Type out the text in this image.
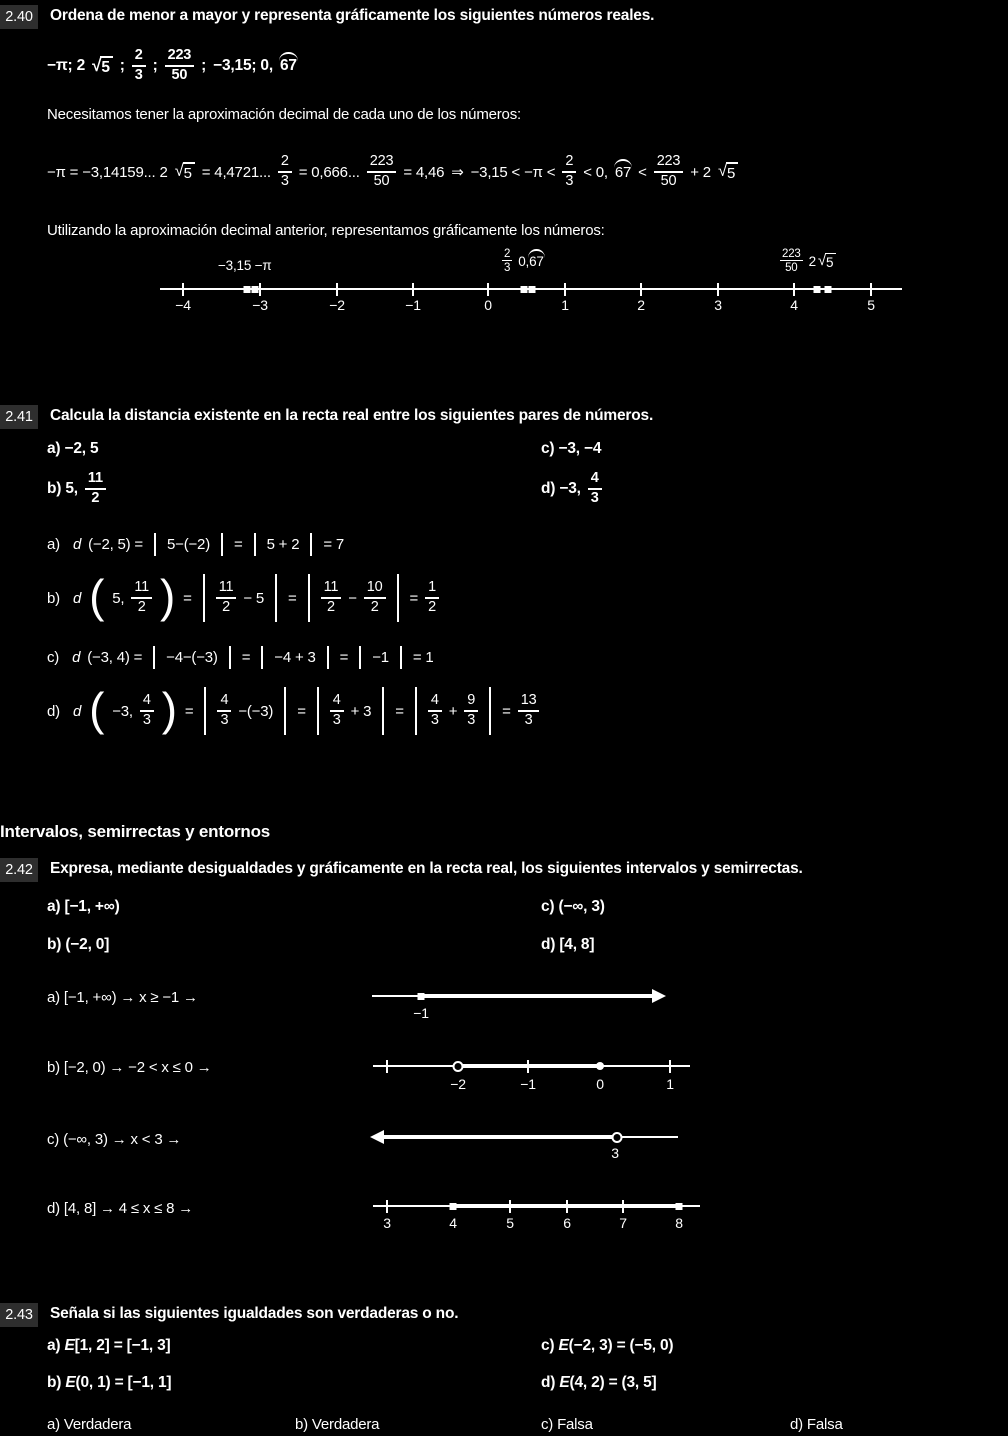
2.40	Ordena de menor a mayor y representa gráficamente los siguientes números reales.
−π; 2 √ 5 ; $\frac{2}{3}$ ; $\frac{223}{50}$ ; −3,15; 0, 67
Necesitamos tener la aproximación decimal de cada uno de los números:
−π = −3,14159... 2 √ 5 = 4,4721... $\frac{2}{3} = 0,666$... $\frac{223}{50} = 4,46$ ⇒ $-3,15 < -\pi < \frac{2}{3} < 0$, $67 < \frac{223}{50} + 2$ √ 5
Utilizando la aproximación decimal anterior, representamos gráficamente los números:
−3,15 −π	$\frac{2}{3} 0,67$	$\frac{223}{50} 2$ √ 5
−4	−3	−2	−1	0	1	2	3	4	5
2.41	Calcula la distancia existente en la recta real entre los siguientes pares de números.
a) −2, 5	c) −3, −4
b) 5, $\frac{11}{2}$	d) −3, $\frac{4}{3}$
a) d (−2, 5) = 5−(−2) = 5 + 2 = 7
b) d ( 5, $\frac{11}{2}$ ) = $\frac{11}{2} - 5 = \frac{11}{2} - \frac{10}{2} = \frac{1}{2}$
c) d (−3, 4) = −4−(−3) = −4 + 3 = −1 = 1
d) d ( −3, $\frac{4}{3}$ ) = $\frac{4}{3} -(-3) = \frac{4}{3} + 3 = \frac{4}{3} + \frac{9}{3} = \frac{13}{3}$
Intervalos, semirrectas y entornos
2.42	Expresa, mediante desigualdades y gráficamente en la recta real, los siguientes intervalos y semirrectas.
a) [−1, +∞)	c) (−∞, 3)
b) (−2, 0]	d) [4, 8]
a) [−1, +∞) → x ≥ −1 →
−1
b) [−2, 0) → −2 < x ≤ 0 →
−2	−1	0	1
c) (−∞, 3) → x < 3 →
3
d) [4, 8] → 4 ≤ x ≤ 8 →
3	4	5	6	7	8
2.43	Señala si las siguientes igualdades son verdaderas o no.
a) E[1, 2] = [−1, 3]	c) E(−2, 3) = (−5, 0)
b) E(0, 1) = [−1, 1]	d) E(4, 2) = (3, 5]
a) Verdadera	b) Verdadera	c) Falsa	d) Falsa
